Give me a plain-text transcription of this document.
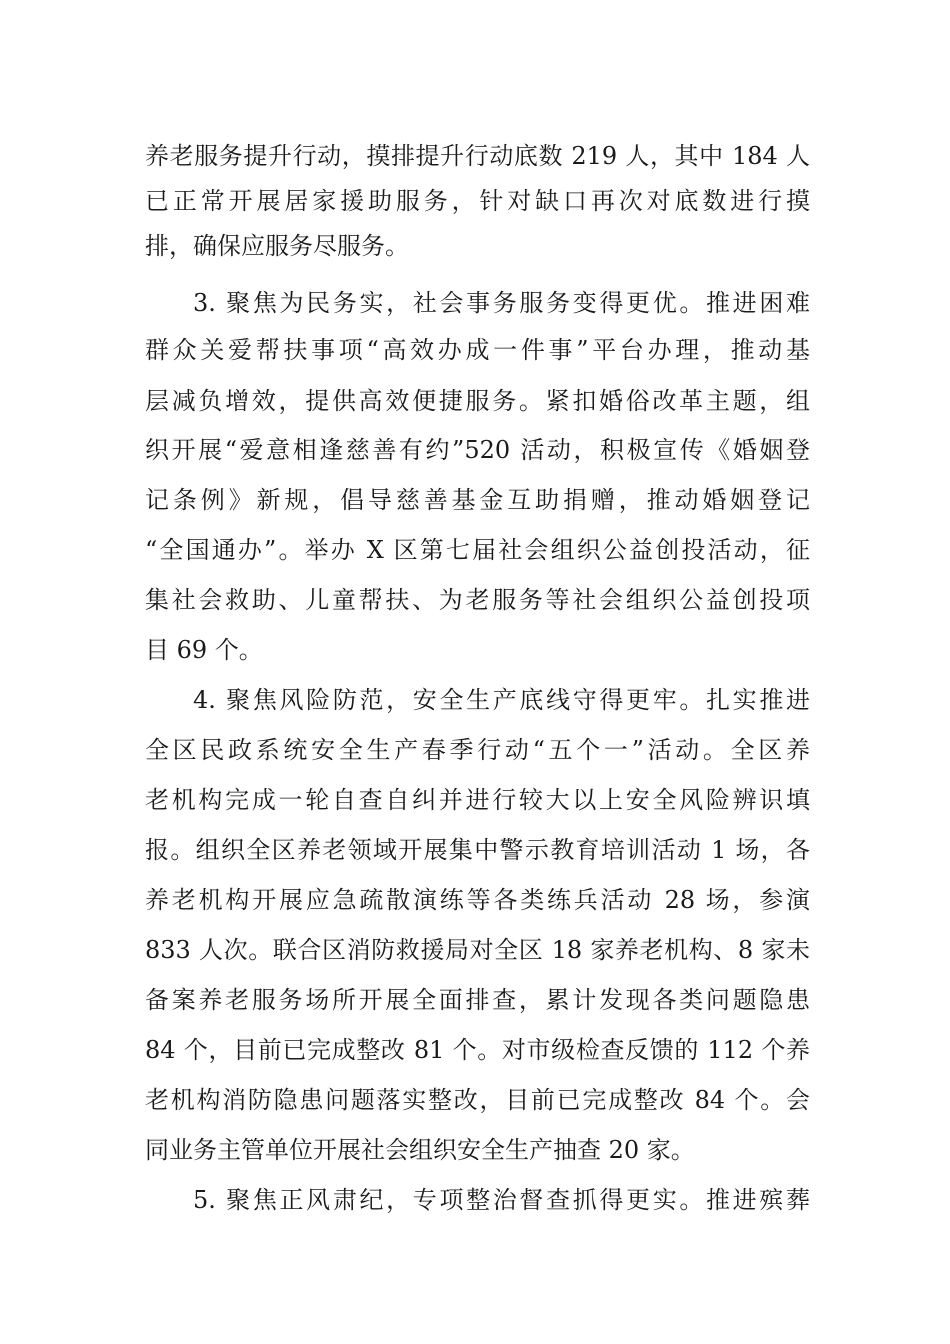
养老服务提升行动，摸排提升行动底数 219 人，其中 184 人

已正常开展居家援助服务，针对缺口再次对底数进行摸

排，确保应服务尽服务。

3. 聚焦为民务实，社会事务服务变得更优。推进困难

群众关爱帮扶事项“高效办成一件事”平台办理，推动基

层减负增效，提供高效便捷服务。紧扣婚俗改革主题，组

织开展“爱意相逢慈善有约”520 活动，积极宣传《婚姻登

记条例》新规，倡导慈善基金互助捐赠，推动婚姻登记

“全国通办”。举办 X 区第七届社会组织公益创投活动，征

集社会救助、儿童帮扶、为老服务等社会组织公益创投项

目 69 个。

4. 聚焦风险防范，安全生产底线守得更牢。扎实推进

全区民政系统安全生产春季行动“五个一”活动。全区养

老机构完成一轮自查自纠并进行较大以上安全风险辨识填

报。组织全区养老领域开展集中警示教育培训活动 1 场，各

养老机构开展应急疏散演练等各类练兵活动 28 场，参演

833 人次。联合区消防救援局对全区 18 家养老机构、8 家未

备案养老服务场所开展全面排查，累计发现各类问题隐患

84 个，目前已完成整改 81 个。对市级检查反馈的 112 个养

老机构消防隐患问题落实整改，目前已完成整改 84 个。会

同业务主管单位开展社会组织安全生产抽查 20 家。

5. 聚焦正风肃纪，专项整治督查抓得更实。推进殡葬
